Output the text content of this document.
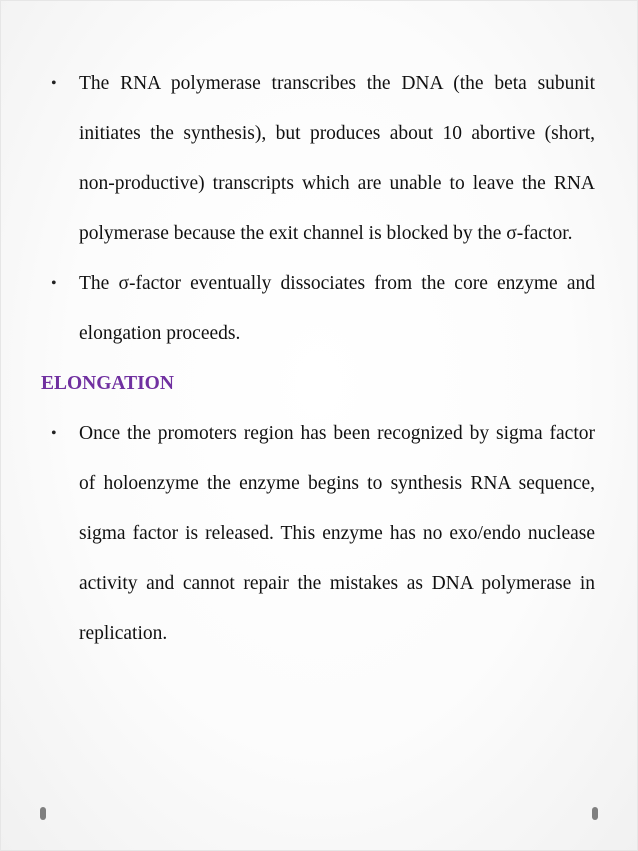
• The RNA polymerase transcribes the DNA (the beta subunit initiates the synthesis), but produces about 10 abortive (short, non-productive) transcripts which are unable to leave the RNA polymerase because the exit channel is blocked by the σ-factor.

• The σ-factor eventually dissociates from the core enzyme and elongation proceeds.

ELONGATION
• Once the promoters region has been recognized by sigma factor of holoenzyme the enzyme begins to synthesis RNA sequence, sigma factor is released. This enzyme has no exo/endo nuclease activity and cannot repair the mistakes as DNA polymerase in replication.
